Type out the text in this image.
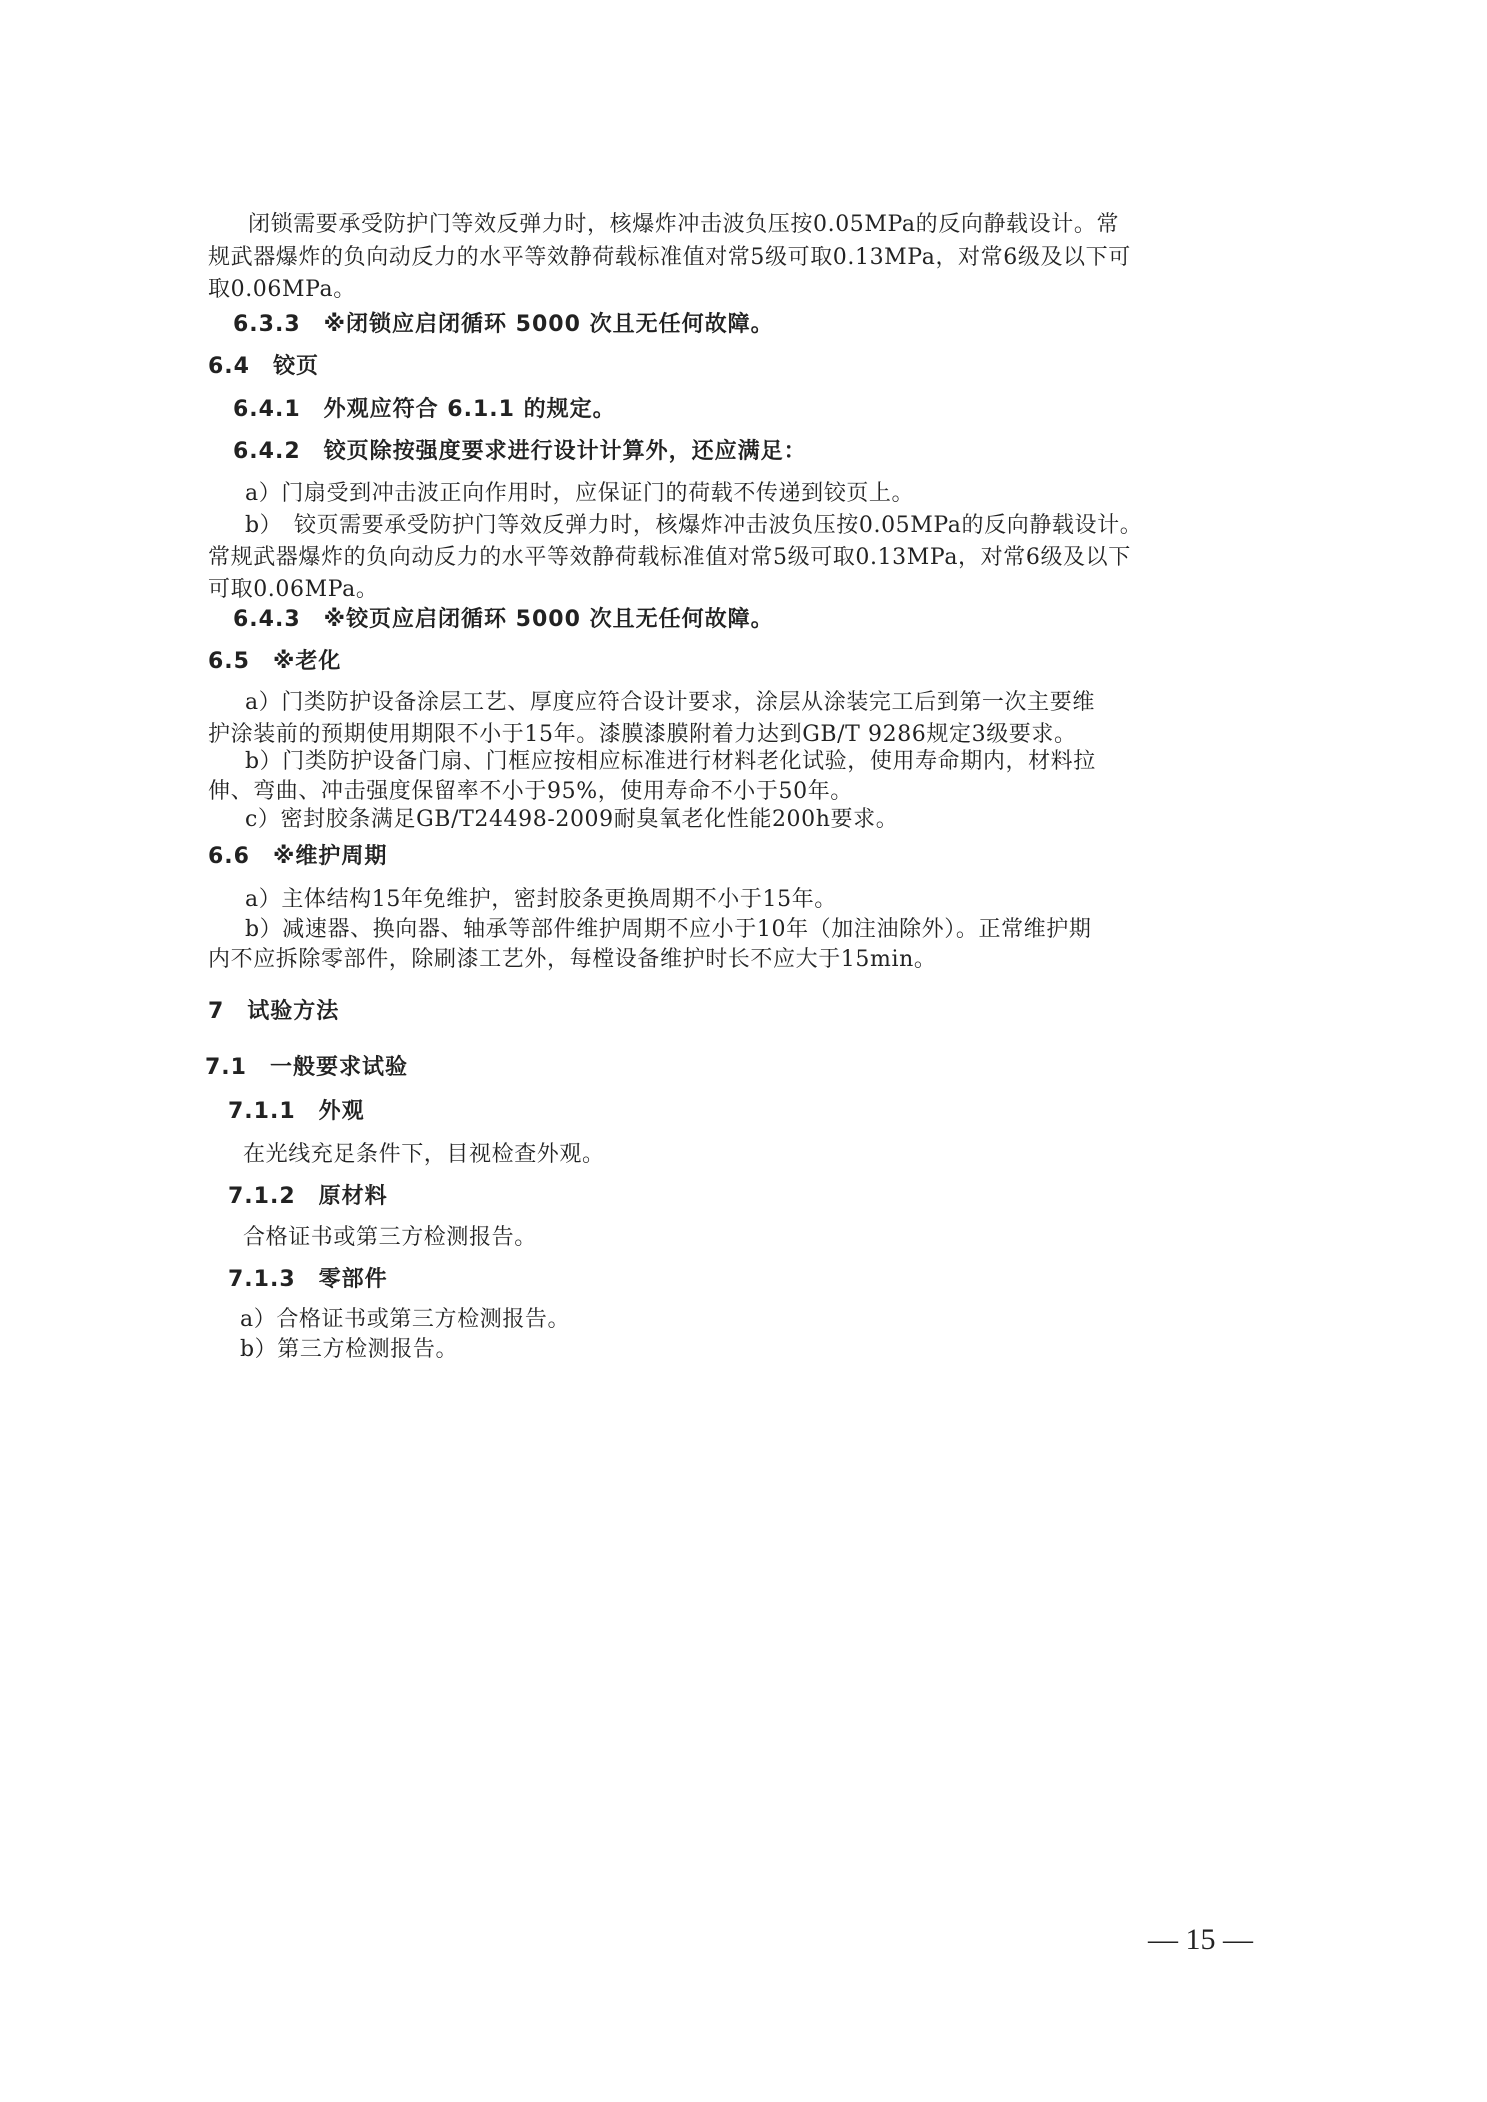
闭锁需要承受防护门等效反弹力时，核爆炸冲击波负压按0.05MPa的反向静载设计。常
规武器爆炸的负向动反力的水平等效静荷载标准值对常5级可取0.13MPa，对常6级及以下可
取0.06MPa。
6.3.3　※闭锁应启闭循环 5000 次且无任何故障。
6.4　铰页
6.4.1　外观应符合 6.1.1 的规定。
6.4.2　铰页除按强度要求进行设计计算外，还应满足：
a）门扇受到冲击波正向作用时，应保证门的荷载不传递到铰页上。
b）　铰页需要承受防护门等效反弹力时，核爆炸冲击波负压按0.05MPa的反向静载设计。
常规武器爆炸的负向动反力的水平等效静荷载标准值对常5级可取0.13MPa，对常6级及以下
可取0.06MPa。
6.4.3　※铰页应启闭循环 5000 次且无任何故障。
6.5　※老化
a）门类防护设备涂层工艺、厚度应符合设计要求，涂层从涂装完工后到第一次主要维
护涂装前的预期使用期限不小于15年。漆膜漆膜附着力达到GB/T 9286规定3级要求。
b）门类防护设备门扇、门框应按相应标准进行材料老化试验，使用寿命期内，材料拉
伸、弯曲、冲击强度保留率不小于95%，使用寿命不小于50年。
c）密封胶条满足GB/T24498-2009耐臭氧老化性能200h要求。
6.6　※维护周期
a）主体结构15年免维护，密封胶条更换周期不小于15年。
b）减速器、换向器、轴承等部件维护周期不应小于10年（加注油除外）。正常维护期
内不应拆除零部件，除刷漆工艺外，每樘设备维护时长不应大于15min。
7　试验方法
7.1　一般要求试验
7.1.1　外观
在光线充足条件下，目视检查外观。
7.1.2　原材料
合格证书或第三方检测报告。
7.1.3　零部件
a）合格证书或第三方检测报告。
b）第三方检测报告。
— 15 —
